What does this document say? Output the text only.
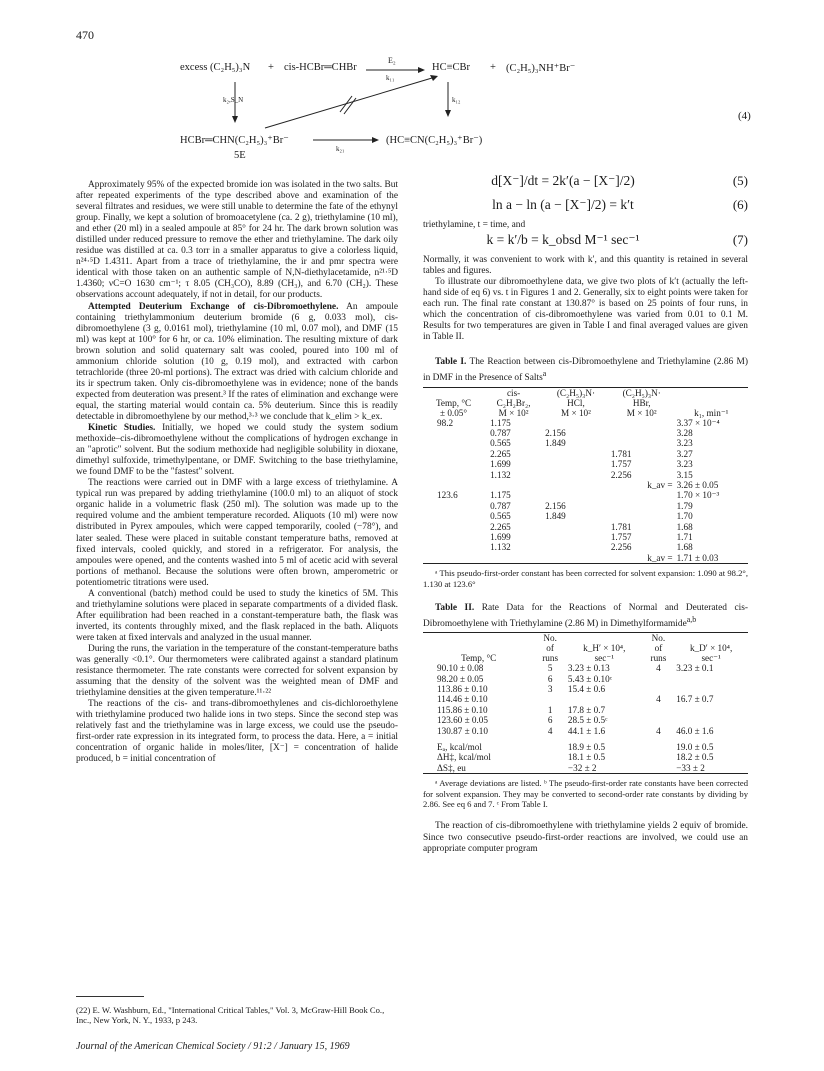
470
excess (C₂H₅)₃N + cis-HCBr═CHBr
E₂
k₁₁
HC≡CBr + (C₂H₅)₃NH⁺Br⁻
k₂,S_N	k₁₂
(4)
HCBr═CHN(C₂H₅)₃⁺Br⁻
5E
k₂₁
(HC≡CN(C₂H₅)₃⁺Br⁻)

Approximately 95% of the expected bromide ion was isolated in the two salts. But after repeated experiments of the type described above and examination of the several filtrates and residues, we were still unable to determine the fate of the ethynyl group. Finally, we kept a solution of bromoacetylene (ca. 2 g), triethylamine (10 ml), and ether (20 ml) in a sealed ampoule at 85° for 24 hr. The dark brown solution was distilled under reduced pressure to remove the ether and triethylamine. The dark oily residue was distilled at ca. 0.3 torr in a smaller apparatus to give a colorless liquid, n²⁴·⁵D 1.4311. Apart from a trace of triethylamine, the ir and pmr spectra were identical with those taken on an authentic sample of N,N-diethylacetamide, n²¹·⁵D 1.4360; νC=O 1630 cm⁻¹; τ 8.05 (CH₃CO), 8.89 (CH₃), and 6.70 (CH₂). These observations account adequately, if not in detail, for our products.

Attempted Deuterium Exchange of cis-Dibromoethylene. An ampoule containing triethylammonium deuterium bromide (6 g, 0.033 mol), cis-dibromoethylene (3 g, 0.0161 mol), triethylamine (10 ml, 0.07 mol), and DMF (15 ml) was kept at 100° for 6 hr, or ca. 10% elimination. The resulting mixture of dark brown solution and solid quaternary salt was cooled, poured into 100 ml of ammonium chloride solution (10 g, 0.19 mol), and extracted with carbon tetrachloride (three 20-ml portions). The extract was dried with calcium chloride and its ir spectrum taken. Only cis-dibromoethylene was in evidence; none of the bands expected from deuteration was present.³ If the rates of elimination and exchange were equal, the starting material would contain ca. 5% deuterium. Since this is readily detectable in dibromoethylene by our method,³·³ we conclude that k_elim > k_ex.

Kinetic Studies. Initially, we hoped we could study the system sodium methoxide–cis-dibromoethylene without the complications of hydrogen exchange in an "aprotic" solvent. But the sodium methoxide had negligible solubility in dioxane, dimethyl sulfoxide, trimethylpentane, or DMF. Switching to the base triethylamine, we found DMF to be the "fastest" solvent.

The reactions were carried out in DMF with a large excess of triethylamine. A typical run was prepared by adding triethylamine (100.0 ml) to an aliquot of stock organic halide in a volumetric flask (250 ml). The solution was made up to the required volume and the ambient temperature recorded. Aliquots (10 ml) were now distributed in Pyrex ampoules, which were capped temporarily, cooled (−78°), and later sealed. These were placed in suitable constant temperature baths, removed at fixed intervals, cooled quickly, and stored in a refrigerator. For analysis, the ampoules were opened, and the contents washed into 5 ml of acetic acid with several portions of methanol. Because the solutions were often brown, amperometric or potentiometric titrations were used.

A conventional (batch) method could be used to study the kinetics of 5M. This and triethylamine solutions were placed in separate compartments of a divided flask. After equilibration had been reached in a constant-temperature bath, the flask was inverted, its contents throughly mixed, and the flask replaced in the bath. Aliquots were taken at fixed intervals and analyzed in the usual manner.

During the runs, the variation in the temperature of the constant-temperature baths was generally <0.1°. Our thermometers were calibrated against a standard platinum resistance thermometer. The rate constants were corrected for solvent expansion by assuming that the density of the solvent was the weighted mean of DMF and triethylamine densities at the given temperature.¹¹·²²

The reactions of the cis- and trans-dibromoethylenes and cis-dichloroethylene with triethylamine produced two halide ions in two steps. Since the second step was relatively fast and the triethylamine was in large excess, we could use the pseudo-first-order rate expression in its integrated form, to process the data. Here, a = initial concentration of organic halide in moles/liter, [X⁻] = concentration of halide produced, b = initial concentration of

(22) E. W. Washburn, Ed., "International Critical Tables," Vol. 3, McGraw-Hill Book Co., Inc., New York, N. Y., 1933, p 243.
d[X⁻]/dt = 2k′(a − [X⁻]/2)	(5)
ln a − ln (a − [X⁻]/2) = k′t	(6)

triethylamine, t = time, and

k = k′/b = k_obsd M⁻¹ sec⁻¹	(7)

Normally, it was convenient to work with k′, and this quantity is retained in several tables and figures.

To illustrate our dibromoethylene data, we give two plots of k′t (actually the left-hand side of eq 6) vs. t in Figures 1 and 2. Generally, six to eight points were taken for each run. The final rate constant at 130.87° is based on 25 points of four runs, in which the concentration of cis-dibromoethylene was varied from 0.01 to 0.1 M. Results for two temperatures are given in Table I and final averaged values are given in Table II.

Table I. The Reaction between cis-Dibromoethylene and Triethylamine (2.86 M) in DMF in the Presence of Salts$^a$

Temp, °C
± 0.05°	cis-
C₂H₂Br₂,
M × 10²	(C₂H₅)₃N·
HCl,
M × 10²	(C₂H₅)₃N·
HBr,
M × 10²	k₁, min⁻¹
98.2	1.175			3.37 × 10⁻⁴
	0.787	2.156		3.28
	0.565	1.849		3.23
	2.265		1.781	3.27
	1.699		1.757	3.23
	1.132		2.256	3.15
			k_av =	3.26 ± 0.05
123.6	1.175			1.70 × 10⁻³
	0.787	2.156		1.79
	0.565	1.849		1.70
	2.265		1.781	1.68
	1.699		1.757	1.71
	1.132		2.256	1.68
			k_av =	1.71 ± 0.03

ᵃ This pseudo-first-order constant has been corrected for solvent expansion: 1.090 at 98.2°, 1.130 at 123.6°

Table II. Rate Data for the Reactions of Normal and Deuterated cis-Dibromoethylene with Triethylamine (2.86 M) in Dimethylformamide$^{a,b}$

Temp, °C	No.
of
runs	k_H′ × 10⁴,
sec⁻¹	No.
of
runs	k_D′ × 10⁴,
sec⁻¹
90.10 ± 0.08	5	3.23 ± 0.13	4	3.23 ± 0.1
98.20 ± 0.05	6	5.43 ± 0.10ᶜ		
113.86 ± 0.10	3	15.4 ± 0.6		
114.46 ± 0.10			4	16.7 ± 0.7
115.86 ± 0.10	1	17.8 ± 0.7		
123.60 ± 0.05	6	28.5 ± 0.5ᶜ		
130.87 ± 0.10	4	44.1 ± 1.6	4	46.0 ± 1.6

Eₐ, kcal/mol		18.9 ± 0.5		19.0 ± 0.5
ΔH‡, kcal/mol		18.1 ± 0.5		18.2 ± 0.5
ΔS‡, eu		−32 ± 2		−33 ± 2

ᵃ Average deviations are listed. ᵇ The pseudo-first-order rate constants have been corrected for solvent expansion. They may be converted to second-order rate constants by dividing by 2.86. See eq 6 and 7. ᶜ From Table I.

The reaction of cis-dibromoethylene with triethylamine yields 2 equiv of bromide. Since two consecutive pseudo-first-order reactions are involved, we could use an appropriate computer program

Journal of the American Chemical Society / 91:2 / January 15, 1969
